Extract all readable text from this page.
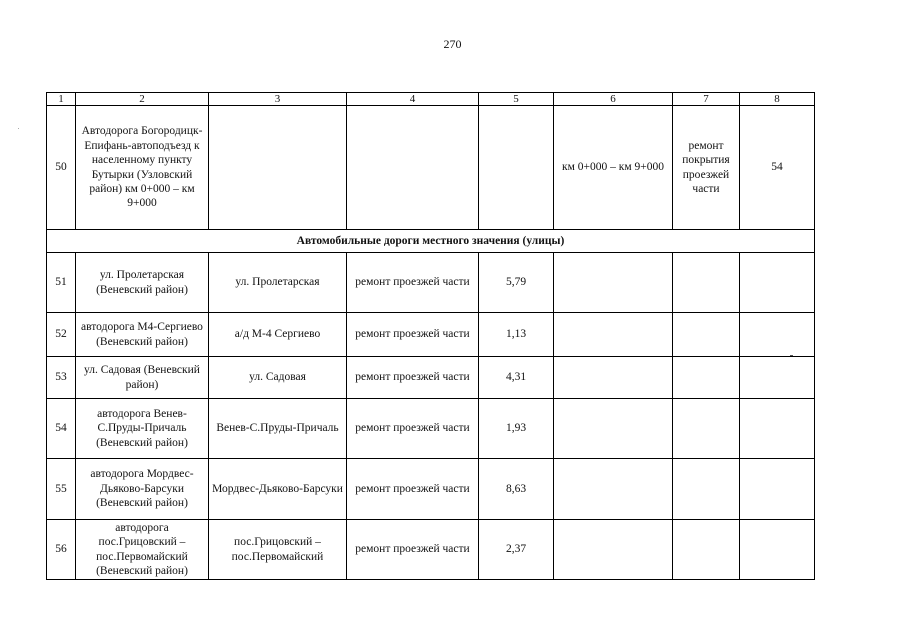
270
1	2	3	4	5	6	7	8
50	Автодорога Богородицк-Епифань-автоподъезд к населенному пункту Бутырки (Узловский район) км 0+000 – км 9+000				км 0+000 – км 9+000	ремонт покрытия проезжей части	54
Автомобильные дороги местного значения (улицы)							
51	ул. Пролетарская (Веневский район)	ул. Пролетарская	ремонт проезжей части	5,79			
52	автодорога М4-Сергиево (Веневский район)	а/д М-4 Сергиево	ремонт проезжей части	1,13			
53	ул. Садовая (Веневский район)	ул. Садовая	ремонт проезжей части	4,31			
54	автодорога Венев-С.Пруды-Причаль (Веневский район)	Венев-С.Пруды-Причаль	ремонт проезжей части	1,93			
55	автодорога Мордвес-Дьяково-Барсуки (Веневский район)	Мордвес-Дьяково-Барсуки	ремонт проезжей части	8,63			
56	автодорога пос.Грицовский – пос.Первомайский (Веневский район)	пос.Грицовский – пос.Первомайский	ремонт проезжей части	2,37			
